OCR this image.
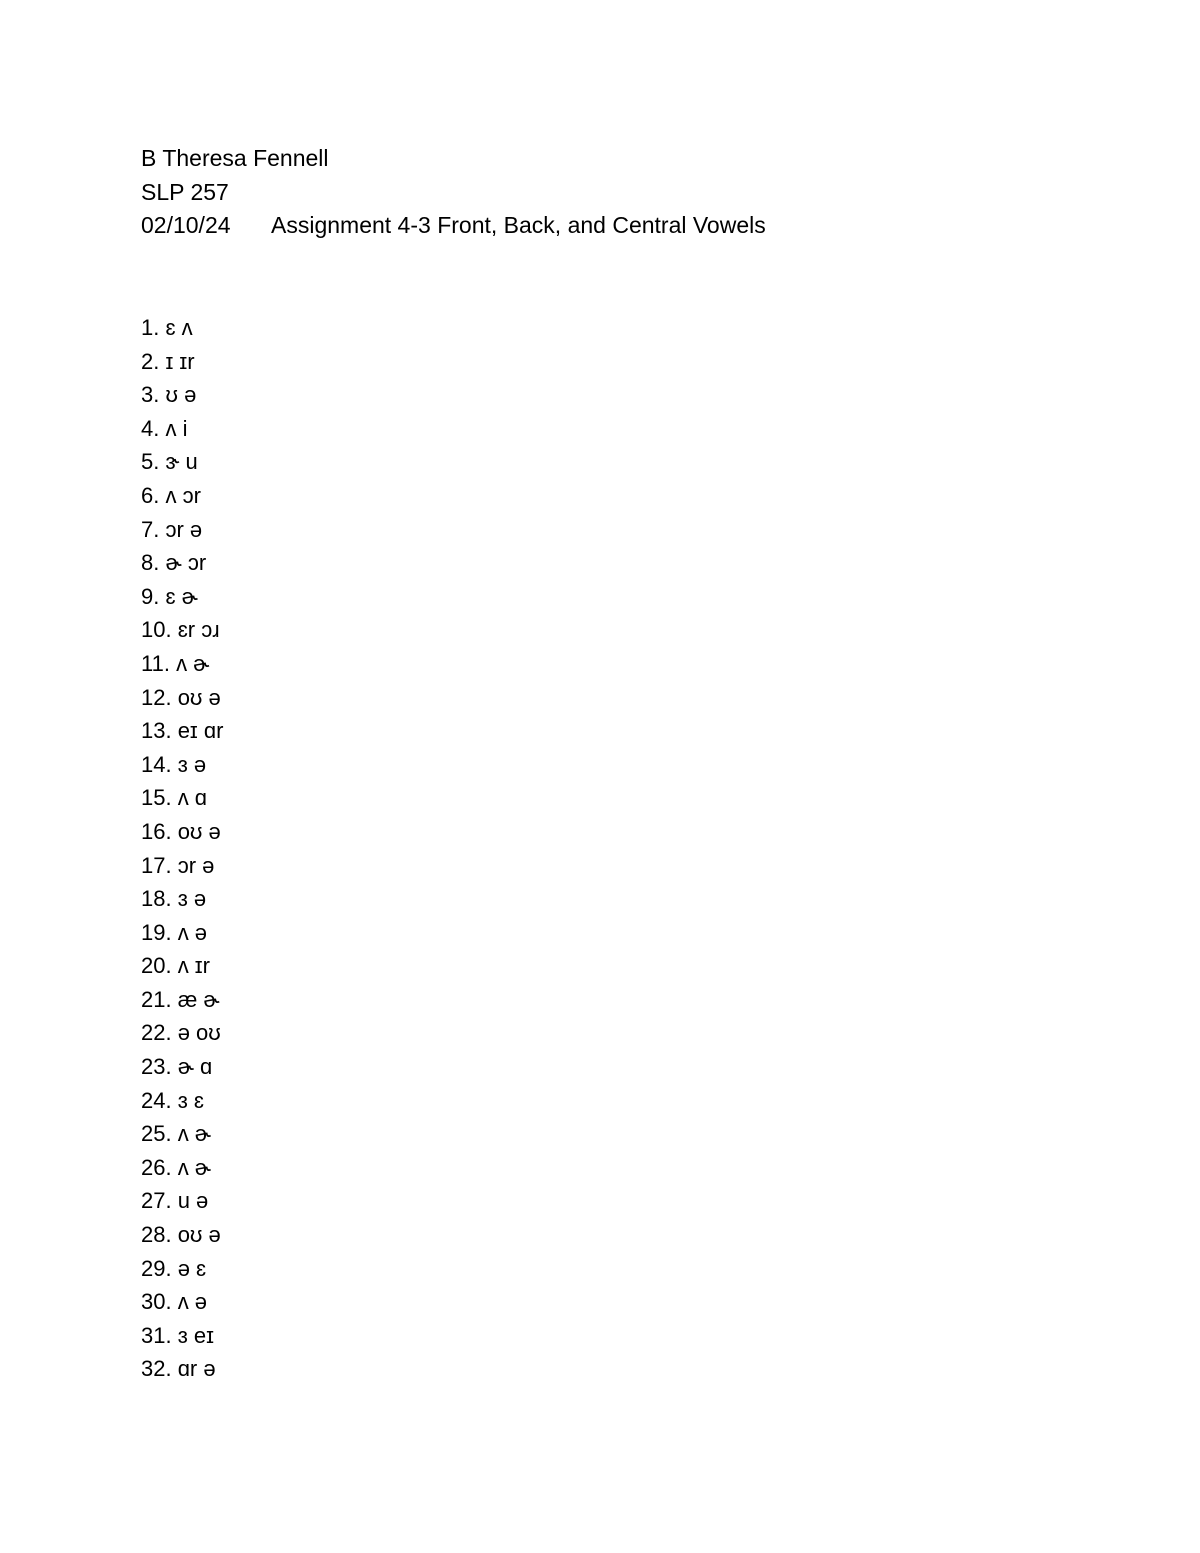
B Theresa Fennell
SLP 257
02/10/24 Assignment 4-3 Front, Back, and Central Vowels
1. ɛ ʌ
2. ɪ ɪr
3. ʊ ə
4. ʌ i
5. ɝ u
6. ʌ ɔr
7. ɔr ə
8. ɚ ɔr
9. ɛ ɚ
10. ɛr ɔɹ
11. ʌ ɚ
12. oʊ ə
13. eɪ ɑr
14. ɜ ə
15. ʌ ɑ
16. oʊ ə
17. ɔr ə
18. ɜ ə
19. ʌ ə
20. ʌ ɪr
21. æ ɚ
22. ə oʊ
23. ɚ ɑ
24. ɜ ɛ
25. ʌ ɚ
26. ʌ ɚ
27. u ə
28. oʊ ə
29. ə ɛ
30. ʌ ə
31. ɜ eɪ
32. ɑr ə
